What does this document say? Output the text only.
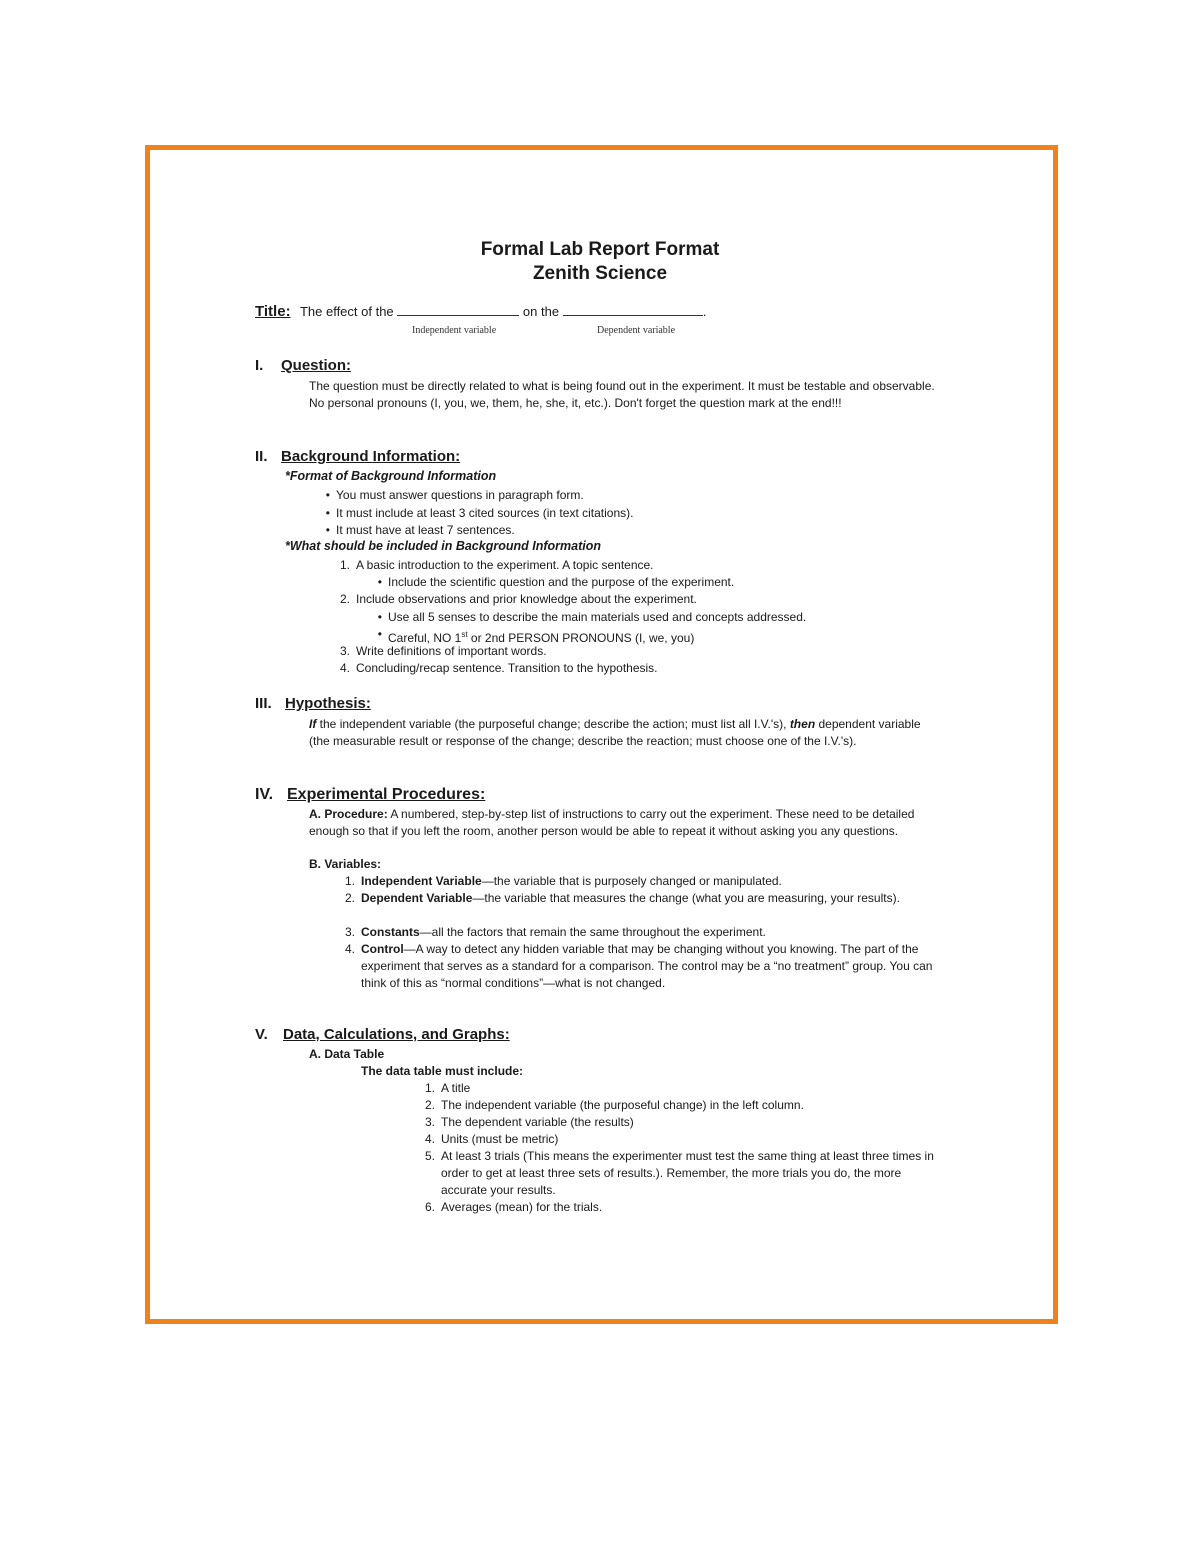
Formal Lab Report Format
Zenith Science
Title: The effect of the	on the	.
Independent variable	Dependent variable
I. Question:
The question must be directly related to what is being found out in the experiment. It must be testable and observable. No personal pronouns (I, you, we, them, he, she, it, etc.). Don't forget the question mark at the end!!!
II. Background Information:
*Format of Background Information
• You must answer questions in paragraph form.
• It must include at least 3 cited sources (in text citations).
• It must have at least 7 sentences.
*What should be included in Background Information
1. A basic introduction to the experiment. A topic sentence.
• Include the scientific question and the purpose of the experiment.
2. Include observations and prior knowledge about the experiment.
• Use all 5 senses to describe the main materials used and concepts addressed.
• Careful, NO 1st or 2nd PERSON PRONOUNS (I, we, you)
3. Write definitions of important words.
4. Concluding/recap sentence. Transition to the hypothesis.
III. Hypothesis:
If the independent variable (the purposeful change; describe the action; must list all I.V.'s), then dependent variable (the measurable result or response of the change; describe the reaction; must choose one of the I.V.'s).
IV. Experimental Procedures:
A. Procedure: A numbered, step-by-step list of instructions to carry out the experiment. These need to be detailed enough so that if you left the room, another person would be able to repeat it without asking you any questions.
B. Variables:
1. Independent Variable—the variable that is purposely changed or manipulated.
2. Dependent Variable—the variable that measures the change (what you are measuring, your results).
3. Constants—all the factors that remain the same throughout the experiment.
4. Control—A way to detect any hidden variable that may be changing without you knowing. The part of the experiment that serves as a standard for a comparison. The control may be a “no treatment” group. You can think of this as “normal conditions”—what is not changed.
V. Data, Calculations, and Graphs:
A. Data Table
The data table must include:
1. A title
2. The independent variable (the purposeful change) in the left column.
3. The dependent variable (the results)
4. Units (must be metric)
5. At least 3 trials (This means the experimenter must test the same thing at least three times in order to get at least three sets of results.). Remember, the more trials you do, the more accurate your results.
6. Averages (mean) for the trials.
